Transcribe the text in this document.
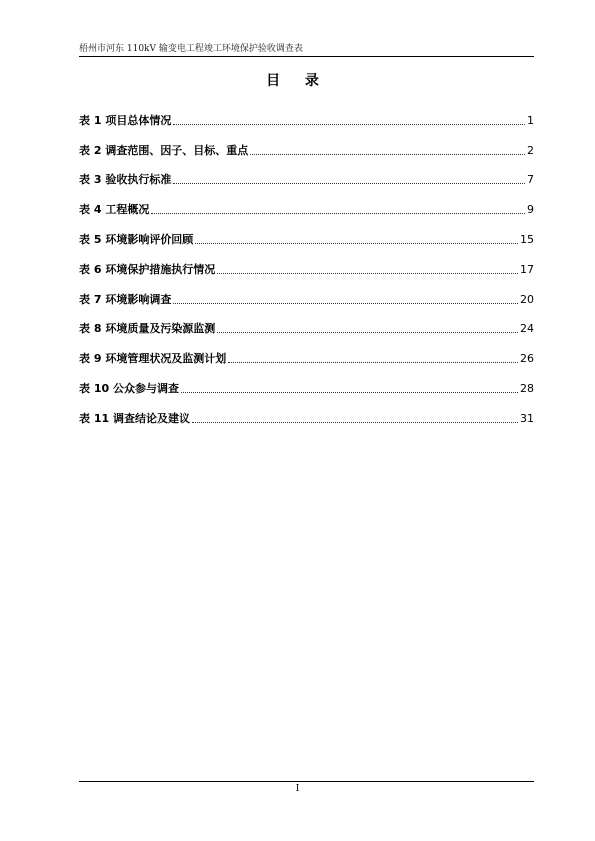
梧州市河东 110kV 输变电工程竣工环境保护验收调查表
目 录
表 1 项目总体情况	1
表 2 调查范围、因子、目标、重点	2
表 3 验收执行标准	7
表 4 工程概况	9
表 5 环境影响评价回顾	15
表 6 环境保护措施执行情况	17
表 7 环境影响调查	20
表 8 环境质量及污染源监测	24
表 9 环境管理状况及监测计划	26
表 10 公众参与调查	28
表 11 调查结论及建议	31
I
